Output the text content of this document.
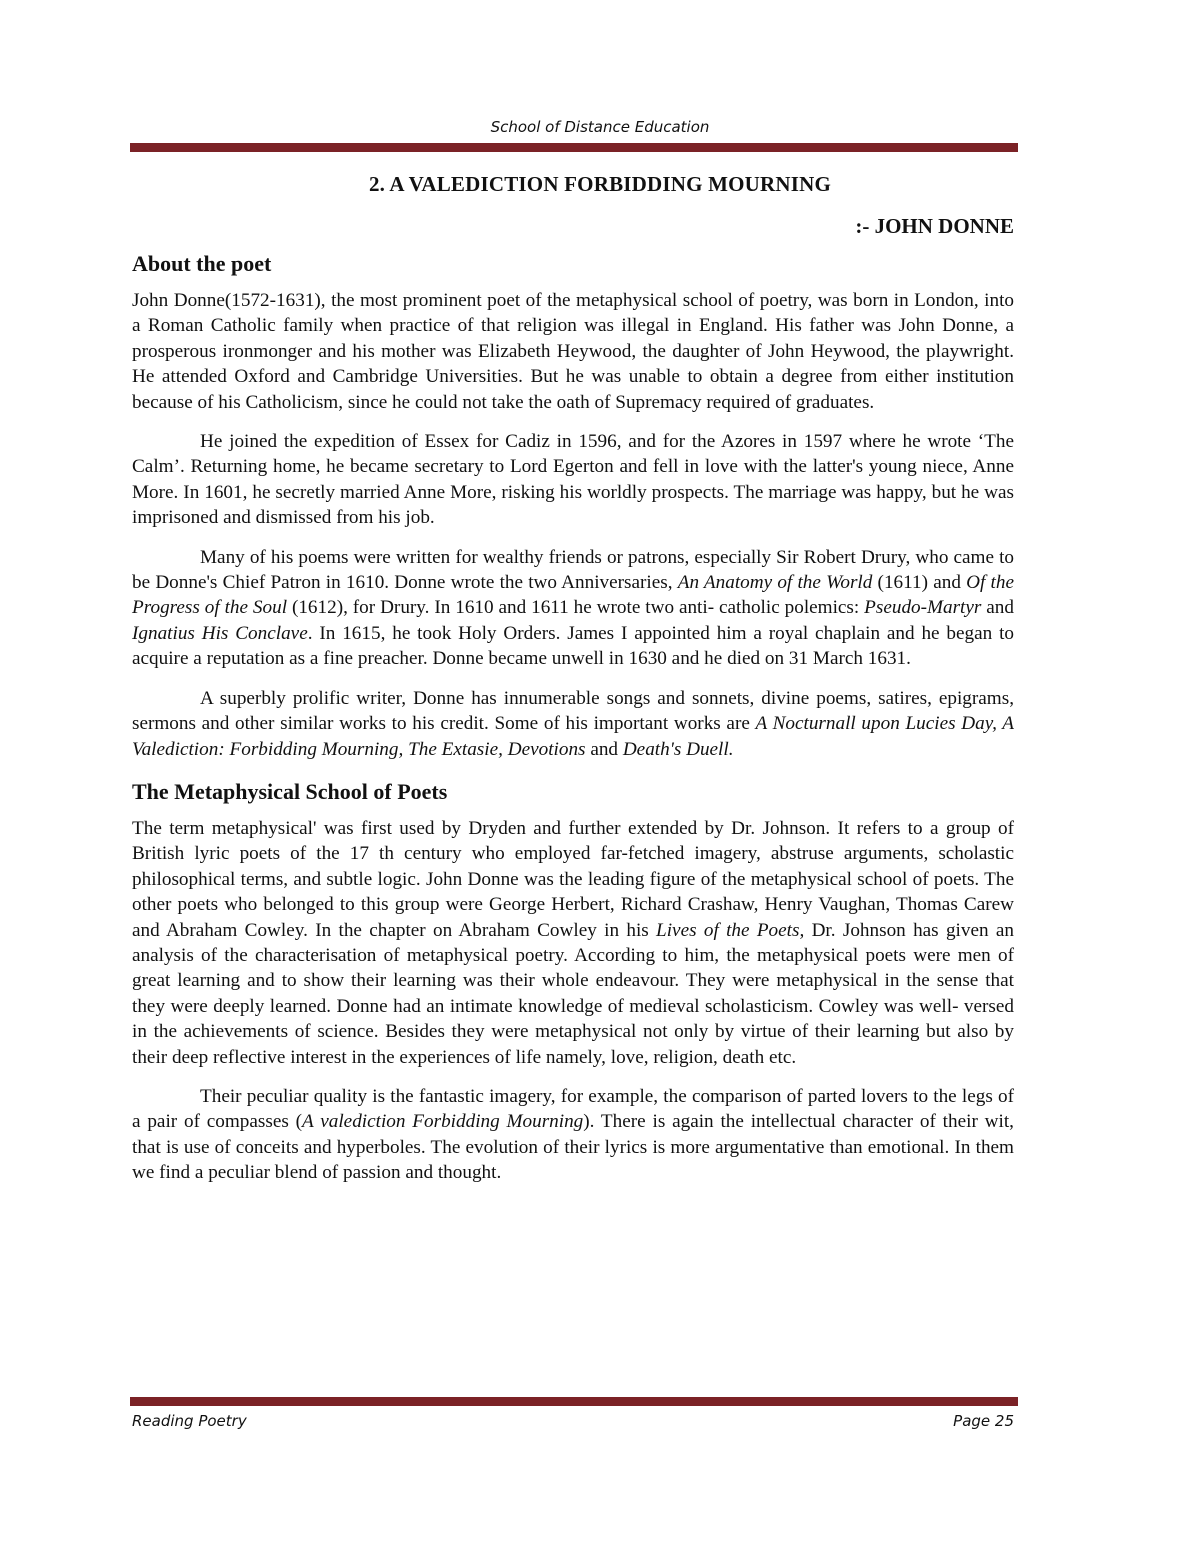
School of Distance Education
2. A VALEDICTION FORBIDDING MOURNING
:- JOHN DONNE
About the poet

John Donne(1572-1631), the most prominent poet of the metaphysical school of poetry, was born in London, into a Roman Catholic family when practice of that religion was illegal in England. His father was John Donne, a prosperous ironmonger and his mother was Elizabeth Heywood, the daughter of John Heywood, the playwright. He attended Oxford and Cambridge Universities. But he was unable to obtain a degree from either institution because of his Catholicism, since he could not take the oath of Supremacy required of graduates.

He joined the expedition of Essex for Cadiz in 1596, and for the Azores in 1597 where he wrote ‘The Calm’. Returning home, he became secretary to Lord Egerton and fell in love with the latter's young niece, Anne More. In 1601, he secretly married Anne More, risking his worldly prospects. The marriage was happy, but he was imprisoned and dismissed from his job.

Many of his poems were written for wealthy friends or patrons, especially Sir Robert Drury, who came to be Donne's Chief Patron in 1610. Donne wrote the two Anniversaries, An Anatomy of the World (1611) and Of the Progress of the Soul (1612), for Drury. In 1610 and 1611 he wrote two anti- catholic polemics: Pseudo-Martyr and Ignatius His Conclave. In 1615, he took Holy Orders. James I appointed him a royal chaplain and he began to acquire a reputation as a fine preacher. Donne became unwell in 1630 and he died on 31 March 1631.

A superbly prolific writer, Donne has innumerable songs and sonnets, divine poems, satires, epigrams, sermons and other similar works to his credit. Some of his important works are A Nocturnall upon Lucies Day, A Valediction: Forbidding Mourning, The Extasie, Devotions and Death's Duell.

The Metaphysical School of Poets

The term metaphysical' was first used by Dryden and further extended by Dr. Johnson. It refers to a group of British lyric poets of the 17 th century who employed far-fetched imagery, abstruse arguments, scholastic philosophical terms, and subtle logic. John Donne was the leading figure of the metaphysical school of poets. The other poets who belonged to this group were George Herbert, Richard Crashaw, Henry Vaughan, Thomas Carew and Abraham Cowley. In the chapter on Abraham Cowley in his Lives of the Poets, Dr. Johnson has given an analysis of the characterisation of metaphysical poetry. According to him, the metaphysical poets were men of great learning and to show their learning was their whole endeavour. They were metaphysical in the sense that they were deeply learned. Donne had an intimate knowledge of medieval scholasticism. Cowley was well- versed in the achievements of science. Besides they were metaphysical not only by virtue of their learning but also by their deep reflective interest in the experiences of life namely, love, religion, death etc.

Their peculiar quality is the fantastic imagery, for example, the comparison of parted lovers to the legs of a pair of compasses (A valediction Forbidding Mourning). There is again the intellectual character of their wit, that is use of conceits and hyperboles. The evolution of their lyrics is more argumentative than emotional. In them we find a peculiar blend of passion and thought.

Reading Poetry	Page 25
